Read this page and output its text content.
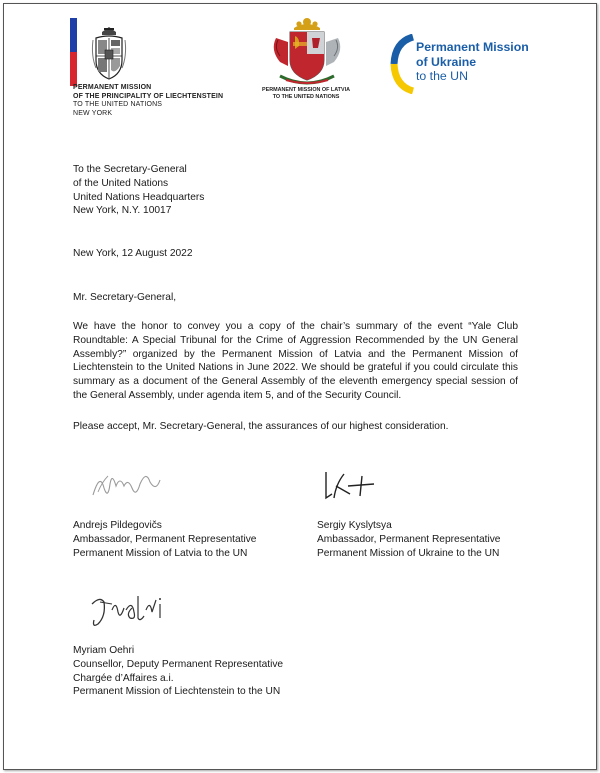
PERMANENT MISSION
OF THE PRINCIPALITY OF LIECHTENSTEIN
TO THE UNITED NATIONS
NEW YORK
PERMANENT MISSION OF LATVIA
TO THE UNITED NATIONS
Permanent Mission
of Ukraine
to the UN
To the Secretary-General
of the United Nations
United Nations Headquarters
New York, N.Y. 10017
New York, 12 August 2022
Mr. Secretary-General,
We have the honor to convey you a copy of the chair’s summary of the event “Yale Club Roundtable: A Special Tribunal for the Crime of Aggression Recommended by the UN General Assembly?” organized by the Permanent Mission of Latvia and the Permanent Mission of Liechtenstein to the United Nations in June 2022. We should be grateful if you could circulate this summary as a document of the General Assembly of the eleventh emergency special session of the General Assembly, under agenda item 5, and of the Security Council.
Please accept, Mr. Secretary-General, the assurances of our highest consideration.
Andrejs Pildegovičs
Ambassador, Permanent Representative
Permanent Mission of Latvia to the UN
Sergiy Kyslytsya
Ambassador, Permanent Representative
Permanent Mission of Ukraine to the UN
Myriam Oehri
Counsellor, Deputy Permanent Representative
Chargée d’Affaires a.i.
Permanent Mission of Liechtenstein to the UN
